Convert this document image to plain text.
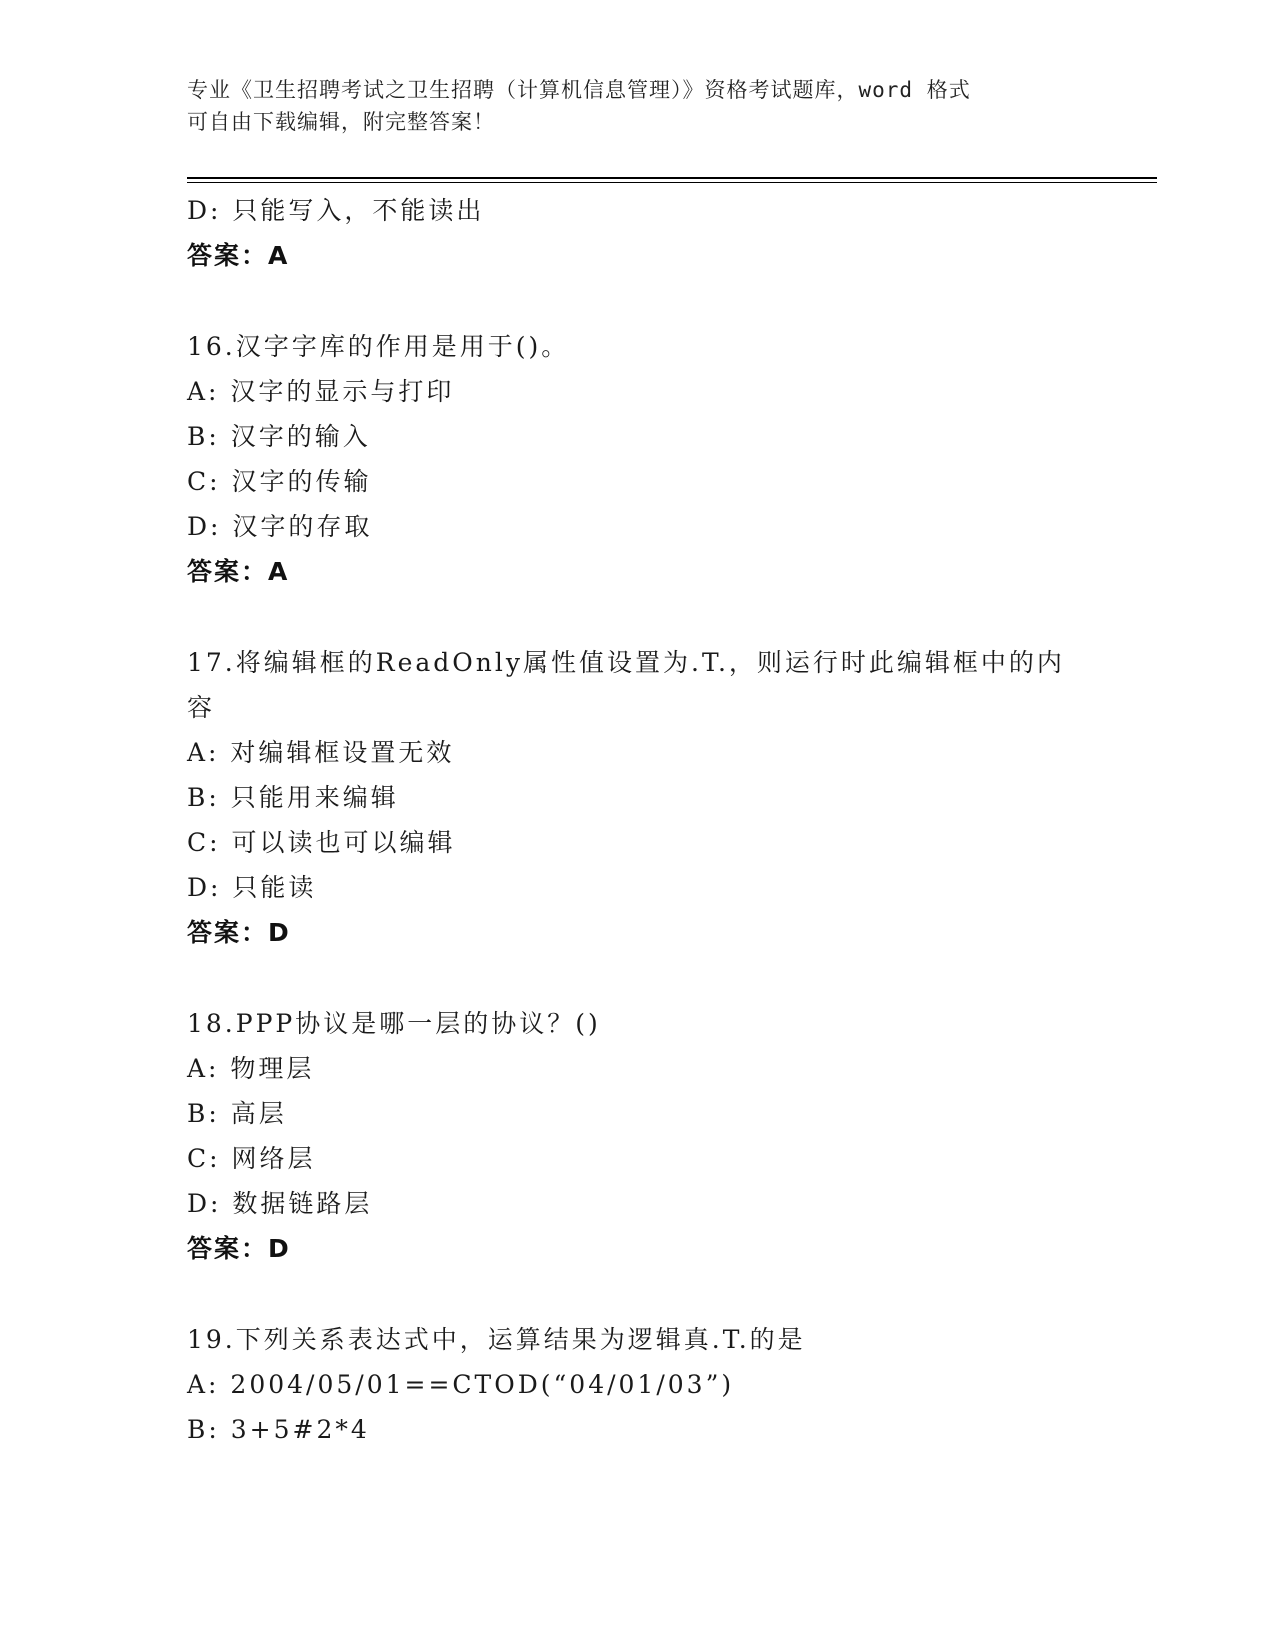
专业《卫生招聘考试之卫生招聘（计算机信息管理）》资格考试题库，word 格式
可自由下载编辑，附完整答案！
D: 只能写入，不能读出
答案：A
16.汉字字库的作用是用于()。
A: 汉字的显示与打印
B: 汉字的输入
C: 汉字的传输
D: 汉字的存取
答案：A
17.将编辑框的ReadOnly属性值设置为.T.，则运行时此编辑框中的内容
A: 对编辑框设置无效
B: 只能用来编辑
C: 可以读也可以编辑
D: 只能读
答案：D
18.PPP协议是哪一层的协议？()
A: 物理层
B: 高层
C: 网络层
D: 数据链路层
答案：D
19.下列关系表达式中，运算结果为逻辑真.T.的是
A: 2004/05/01==CTOD(“04/01/03”)
B: 3+5#2*4
